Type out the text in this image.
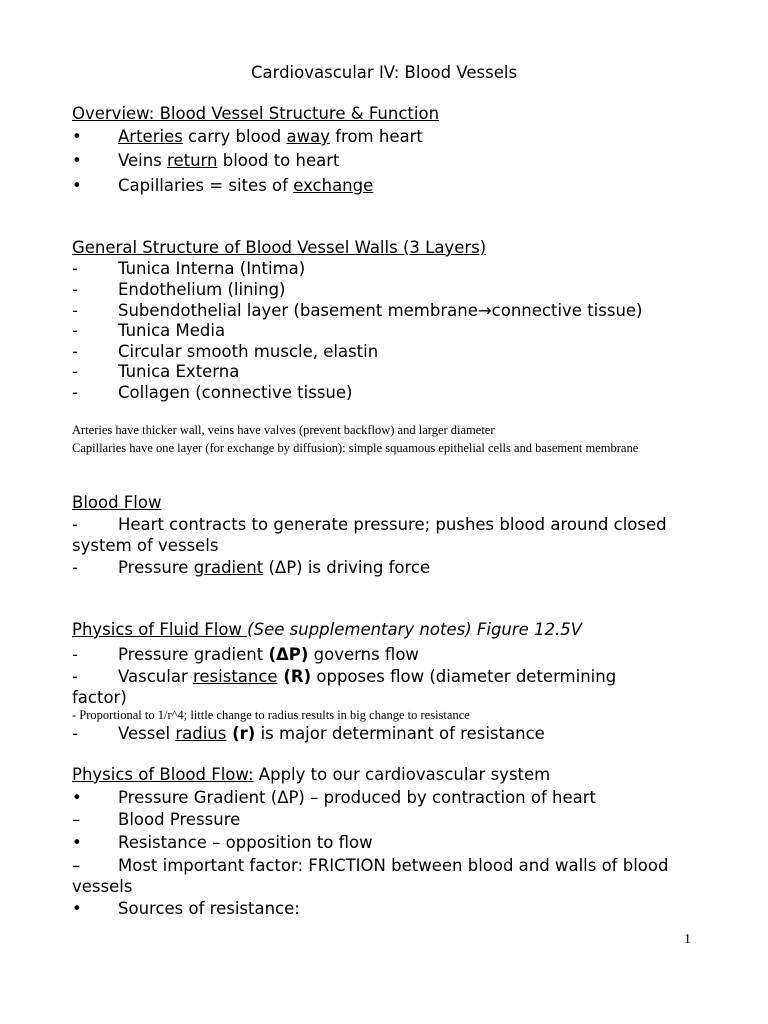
Cardiovascular IV: Blood Vessels
Overview: Blood Vessel Structure & Function
• Arteries carry blood away from heart
• Veins return blood to heart
• Capillaries = sites of exchange
General Structure of Blood Vessel Walls (3 Layers)
- Tunica Interna (Intima)
- Endothelium (lining)
- Subendothelial layer (basement membrane→connective tissue)
- Tunica Media
- Circular smooth muscle, elastin
- Tunica Externa
- Collagen (connective tissue)
Arteries have thicker wall, veins have valves (prevent backflow) and larger diameter
Capillaries have one layer (for exchange by diffusion): simple squamous epithelial cells and basement membrane
Blood Flow
- Heart contracts to generate pressure; pushes blood around closed system of vessels
- Pressure gradient (ΔP) is driving force
Physics of Fluid Flow (See supplementary notes) Figure 12.5V
- Pressure gradient (ΔP) governs flow
- Vascular resistance (R) opposes flow (diameter determining factor)
- Proportional to 1/r^4; little change to radius results in big change to resistance
- Vessel radius (r) is major determinant of resistance
Physics of Blood Flow: Apply to our cardiovascular system
• Pressure Gradient (ΔP) – produced by contraction of heart
– Blood Pressure
• Resistance – opposition to flow
– Most important factor: FRICTION between blood and walls of blood vessels
• Sources of resistance:
1
